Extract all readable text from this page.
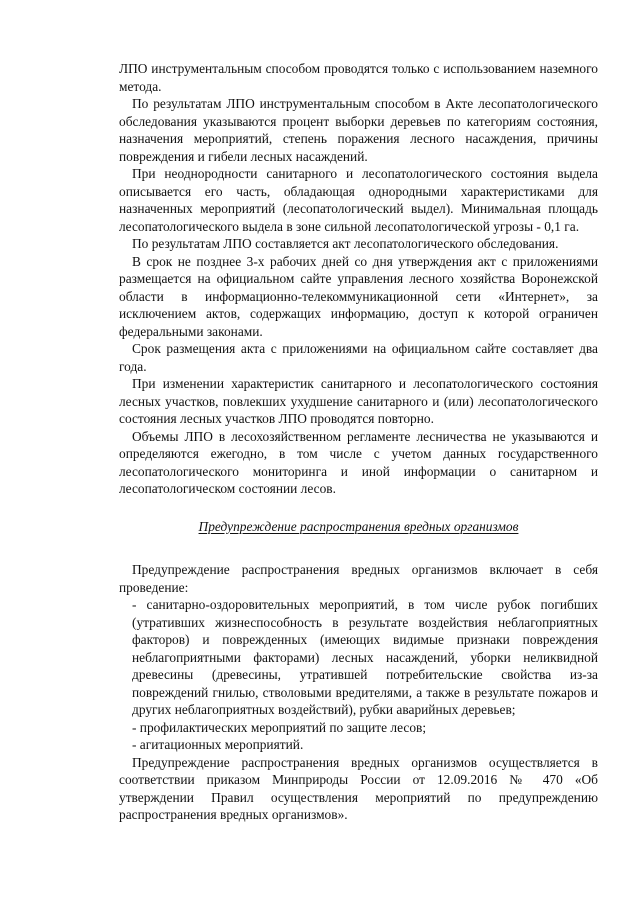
ЛПО инструментальным способом проводятся только с использованием наземного метода.

По результатам ЛПО инструментальным способом в Акте лесопатологического обследования указываются процент выборки деревьев по категориям состояния, назначения мероприятий, степень поражения лесного насаждения, причины повреждения и гибели лесных насаждений.

При неоднородности санитарного и лесопатологического состояния выдела описывается его часть, обладающая однородными характеристиками для назначенных мероприятий (лесопатологический выдел). Минимальная площадь лесопатологического выдела в зоне сильной лесопатологической угрозы - 0,1 га.

По результатам ЛПО составляется акт лесопатологического обследования.

В срок не позднее 3-х рабочих дней со дня утверждения акт с приложениями размещается на официальном сайте управления лесного хозяйства Воронежской области в информационно-телекоммуникационной сети «Интернет», за исключением актов, содержащих информацию, доступ к которой ограничен федеральными законами.

Срок размещения акта с приложениями на официальном сайте составляет два года.

При изменении характеристик санитарного и лесопатологического состояния лесных участков, повлекших ухудшение санитарного и (или) лесопатологического состояния лесных участков ЛПО проводятся повторно.

Объемы ЛПО в лесохозяйственном регламенте лесничества не указываются и определяются ежегодно, в том числе с учетом данных государственного лесопатологического мониторинга и иной информации о санитарном и лесопатологическом состоянии лесов.

Предупреждение распространения вредных организмов

Предупреждение распространения вредных организмов включает в себя проведение:

- санитарно-оздоровительных мероприятий, в том числе рубок погибших (утративших жизнеспособность в результате воздействия неблагоприятных факторов) и поврежденных (имеющих видимые признаки повреждения неблагоприятными факторами) лесных насаждений, уборки неликвидной древесины (древесины, утратившей потребительские свойства из-за повреждений гнилью, стволовыми вредителями, а также в результате пожаров и других неблагоприятных воздействий), рубки аварийных деревьев;

- профилактических мероприятий по защите лесов;

- агитационных мероприятий.

Предупреждение распространения вредных организмов осуществляется в соответствии приказом Минприроды России от 12.09.2016 № 470 «Об утверждении Правил осуществления мероприятий по предупреждению распространения вредных организмов».
